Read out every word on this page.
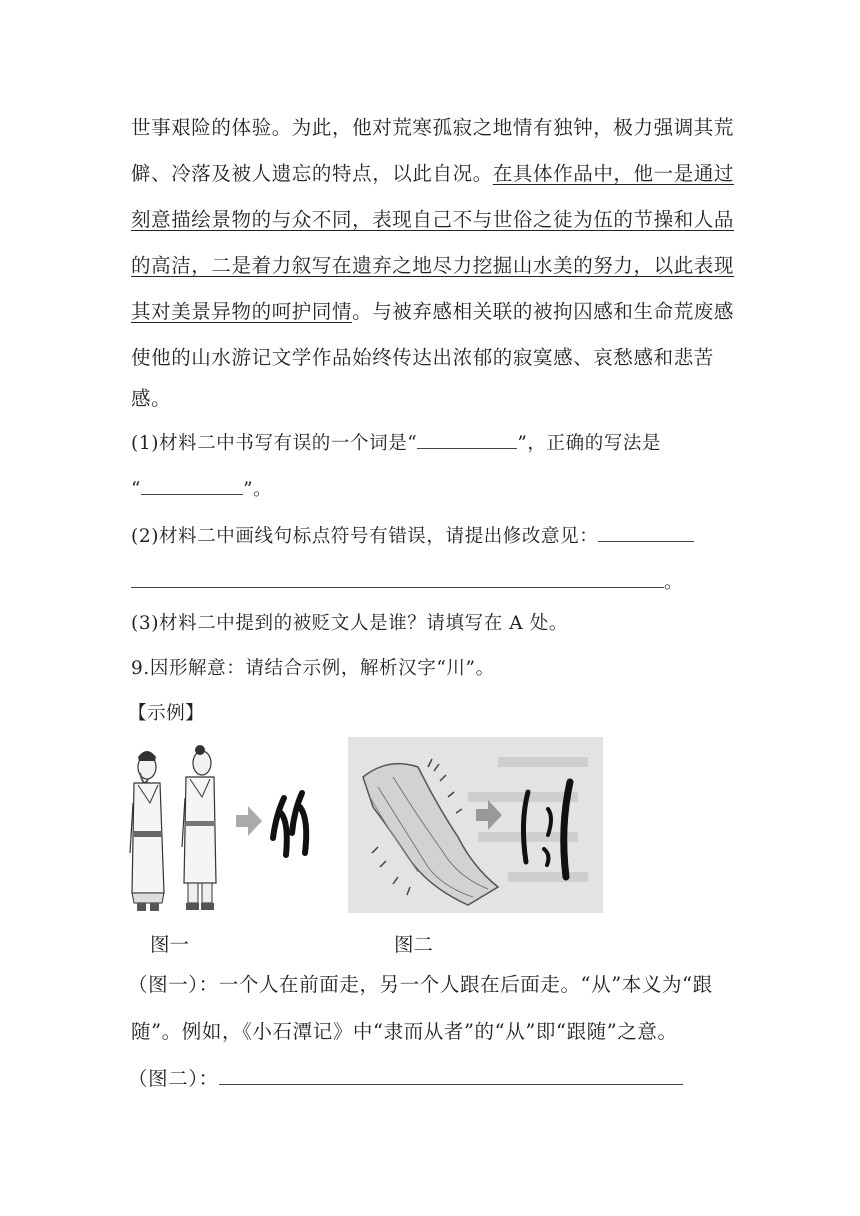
世事艰险的体验。为此，他对荒寒孤寂之地情有独钟，极力强调其荒
僻、冷落及被人遗忘的特点，以此自况。在具体作品中，他一是通过
刻意描绘景物的与众不同，表现自己不与世俗之徒为伍的节操和人品
的高洁，二是着力叙写在遗弃之地尽力挖掘山水美的努力，以此表现
其对美景异物的呵护同情。与被弃感相关联的被拘囚感和生命荒废感
使他的山水游记文学作品始终传达出浓郁的寂寞感、哀愁感和悲苦
感。
(1)材料二中书写有误的一个词是“	”，正确的写法是
“	”。
(2)材料二中画线句标点符号有错误，请提出修改意见：
。
(3)材料二中提到的被贬文人是谁？请填写在 A 处。
9.因形解意：请结合示例，解析汉字“川”。
【示例】
图一	图二
（图一）：一个人在前面走，另一个人跟在后面走。“从”本义为“跟
随”。例如，《小石潭记》中“隶而从者”的“从”即“跟随”之意。
（图二）：
